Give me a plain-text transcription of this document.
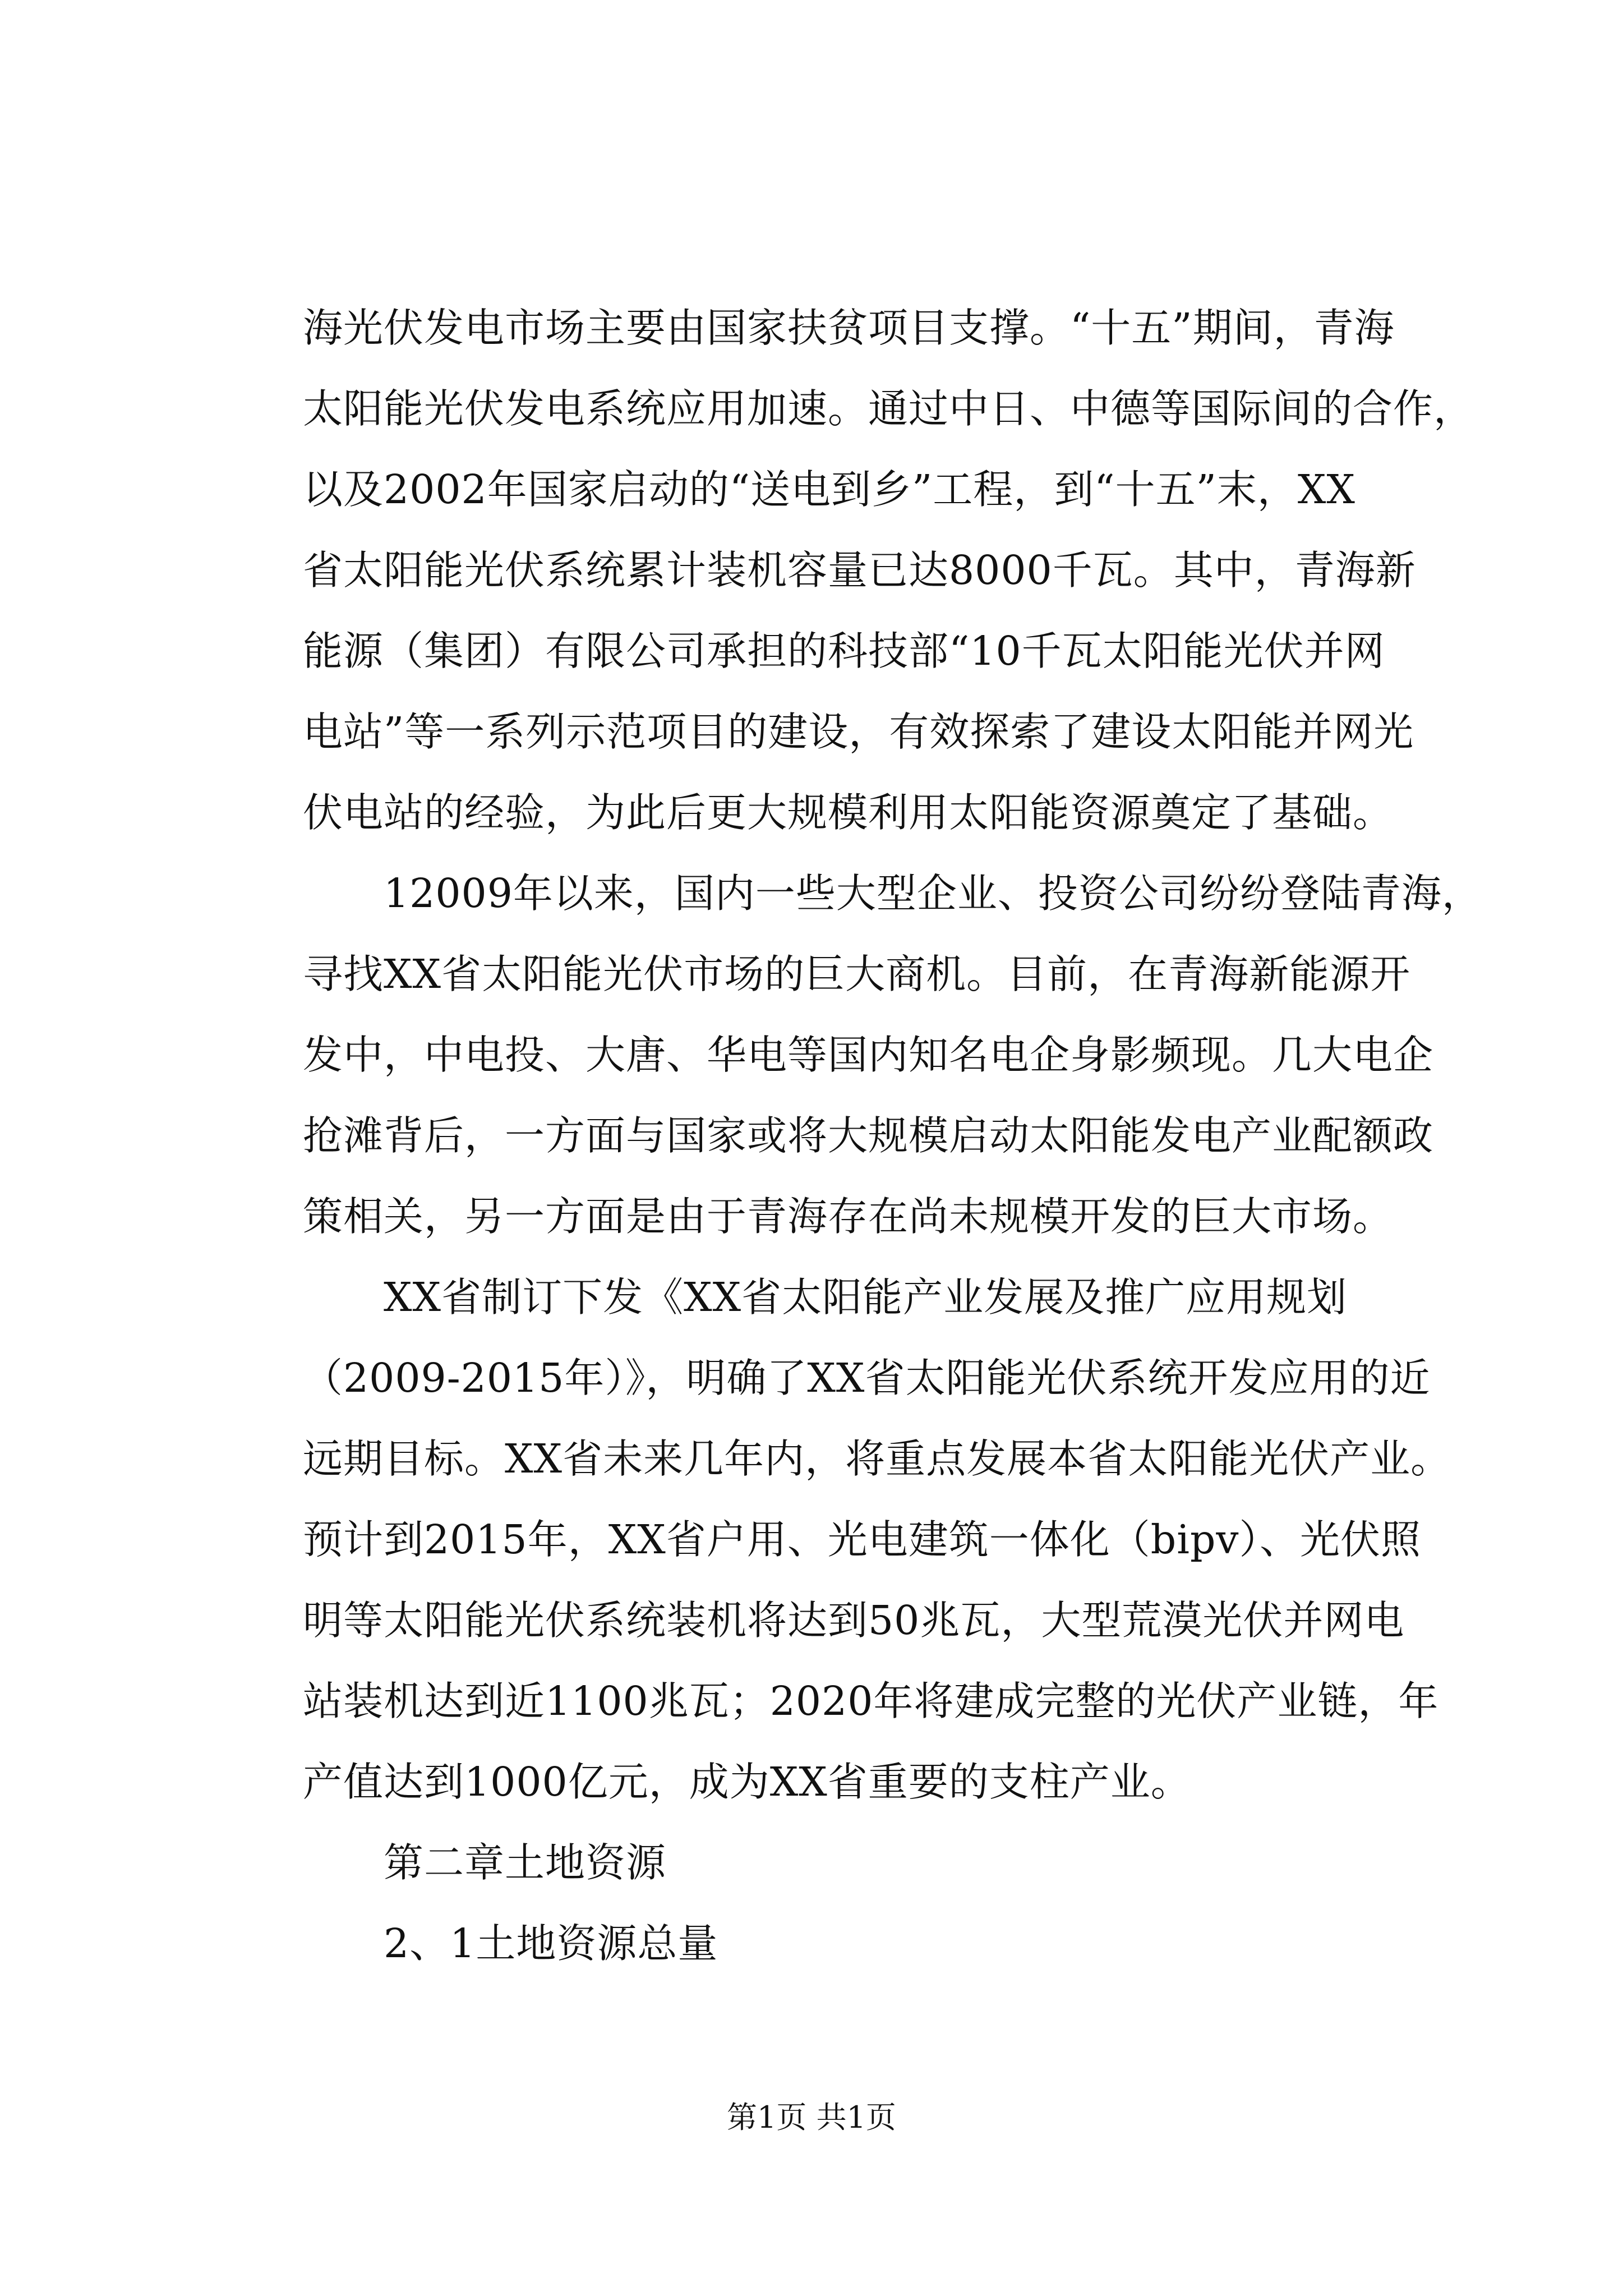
海光伏发电市场主要由国家扶贫项目支撑。“十五”期间，青海
太阳能光伏发电系统应用加速。通过中日、中德等国际间的合作，
以及2002年国家启动的“送电到乡”工程，到“十五”末，XX
省太阳能光伏系统累计装机容量已达8000千瓦。其中，青海新
能源（集团）有限公司承担的科技部“10千瓦太阳能光伏并网
电站”等一系列示范项目的建设，有效探索了建设太阳能并网光
伏电站的经验，为此后更大规模利用太阳能资源奠定了基础。
　　12009年以来，国内一些大型企业、投资公司纷纷登陆青海，
寻找XX省太阳能光伏市场的巨大商机。目前，在青海新能源开
发中，中电投、大唐、华电等国内知名电企身影频现。几大电企
抢滩背后，一方面与国家或将大规模启动太阳能发电产业配额政
策相关，另一方面是由于青海存在尚未规模开发的巨大市场。
　　XX省制订下发《XX省太阳能产业发展及推广应用规划
（2009-2015年）》，明确了XX省太阳能光伏系统开发应用的近
远期目标。XX省未来几年内，将重点发展本省太阳能光伏产业。
预计到2015年，XX省户用、光电建筑一体化（bipv）、光伏照
明等太阳能光伏系统装机将达到50兆瓦，大型荒漠光伏并网电
站装机达到近1100兆瓦；2020年将建成完整的光伏产业链，年
产值达到1000亿元，成为XX省重要的支柱产业。
　　第二章土地资源
　　2、1土地资源总量
第1页 共1页
